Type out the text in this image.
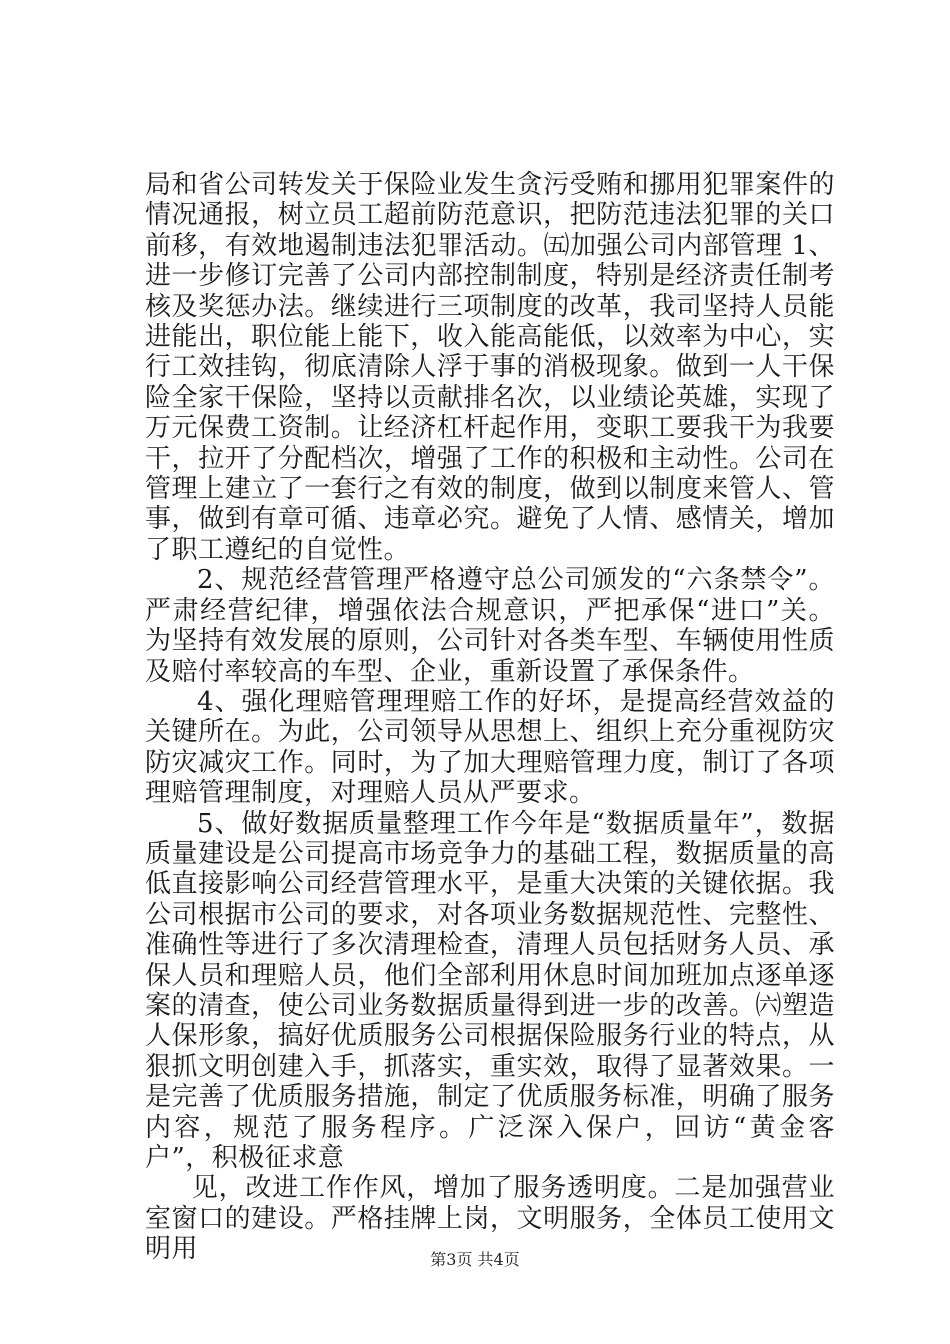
局和省公司转发关于保险业发生贪污受贿和挪用犯罪案件的情况通报，树立员工超前防范意识，把防范违法犯罪的关口前移，有效地遏制违法犯罪活动。㈤加强公司内部管理 1、进一步修订完善了公司内部控制制度，特别是经济责任制考核及奖惩办法。继续进行三项制度的改革，我司坚持人员能进能出，职位能上能下，收入能高能低，以效率为中心，实行工效挂钩，彻底清除人浮于事的消极现象。做到一人干保险全家干保险，坚持以贡献排名次，以业绩论英雄，实现了万元保费工资制。让经济杠杆起作用，变职工要我干为我要干，拉开了分配档次，增强了工作的积极和主动性。公司在管理上建立了一套行之有效的制度，做到以制度来管人、管事，做到有章可循、违章必究。避免了人情、感情关，增加了职工遵纪的自觉性。

2、规范经营管理严格遵守总公司颁发的“六条禁令”。严肃经营纪律，增强依法合规意识，严把承保“进口”关。为坚持有效发展的原则，公司针对各类车型、车辆使用性质及赔付率较高的车型、企业，重新设置了承保条件。

4、强化理赔管理理赔工作的好坏，是提高经营效益的关键所在。为此，公司领导从思想上、组织上充分重视防灾防灾减灾工作。同时，为了加大理赔管理力度，制订了各项理赔管理制度，对理赔人员从严要求。

5、做好数据质量整理工作今年是“数据质量年”，数据质量建设是公司提高市场竞争力的基础工程，数据质量的高低直接影响公司经营管理水平，是重大决策的关键依据。我公司根据市公司的要求，对各项业务数据规范性、完整性、准确性等进行了多次清理检查，清理人员包括财务人员、承保人员和理赔人员，他们全部利用休息时间加班加点逐单逐案的清查，使公司业务数据质量得到进一步的改善。㈥塑造人保形象，搞好优质服务公司根据保险服务行业的特点，从狠抓文明创建入手，抓落实，重实效，取得了显著效果。一是完善了优质服务措施，制定了优质服务标准，明确了服务内容，规范了服务程序。广泛深入保户，回访“黄金客户”，积极征求意

见，改进工作作风，增加了服务透明度。二是加强营业室窗口的建设。严格挂牌上岗，文明服务，全体员工使用文明用	第3页 共4页
